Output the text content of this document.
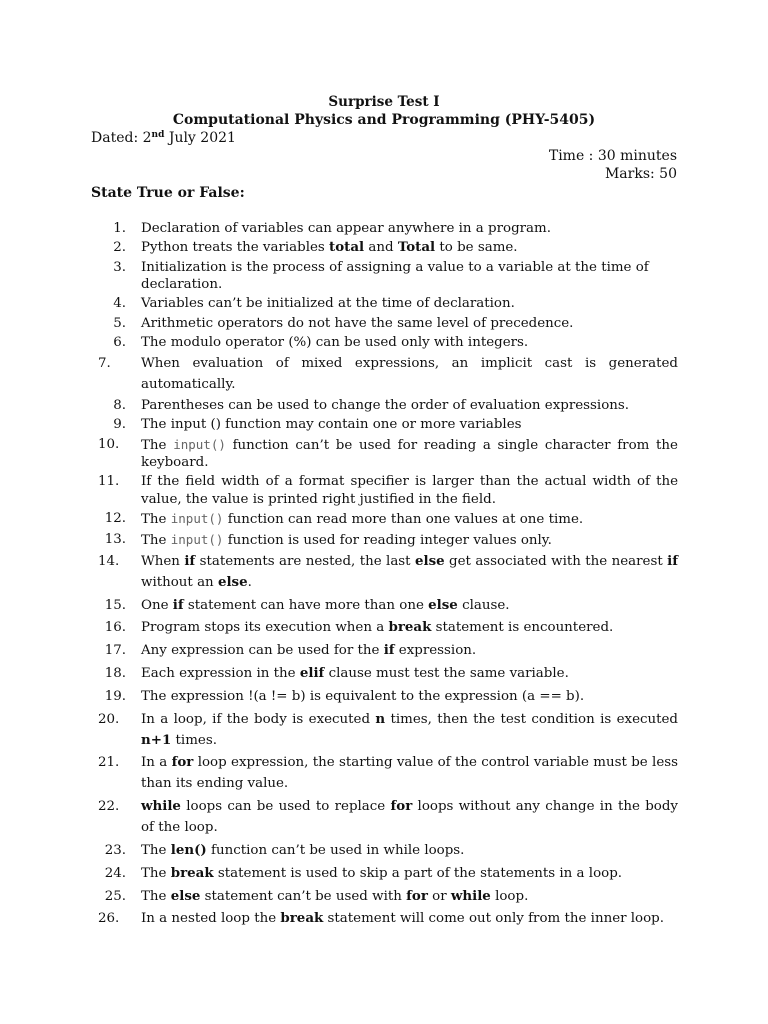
Surprise Test I
Computational Physics and Programming (PHY-5405)
Dated: 2nd July 2021
Time : 30 minutes
Marks: 50
State True or False:
1 .	Declaration of variables can appear anywhere in a program.
2 .	Python treats the variables total and Total to be same.
3 .	Initialization is the process of assigning a value to a variable at the time of declaration.
4 .	Variables can’t be initialized at the time of declaration.
5 .	Arithmetic operators do not have the same level of precedence.
6 .	The modulo operator (%) can be used only with integers.
7 .	When evaluation of mixed expressions, an implicit cast is generated automatically.
8 .	Parentheses can be used to change the order of evaluation expressions.
9 .	The input () function may contain one or more variables
10 .	The input() function can’t be used for reading a single character from the keyboard.
11 .	If the field width of a format specifier is larger than the actual width of the value, the value is printed right justified in the field.
12 .	The input() function can read more than one values at one time.
13 .	The input() function is used for reading integer values only.
14 .	When if statements are nested, the last else get associated with the nearest if without an else.
15 .	One if statement can have more than one else clause.
16 .	Program stops its execution when a break statement is encountered.
17 .	Any expression can be used for the if expression.
18 .	Each expression in the elif clause must test the same variable.
19 .	The expression !(a != b) is equivalent to the expression (a == b).
20 .	In a loop, if the body is executed n times, then the test condition is executed n+1 times.
21 .	In a for loop expression, the starting value of the control variable must be less than its ending value.
22 .	while loops can be used to replace for loops without any change in the body of the loop.
23 .	The len() function can’t be used in while loops.
24 .	The break statement is used to skip a part of the statements in a loop.
25 .	The else statement can’t be used with for or while loop.
26 .	In a nested loop the break statement will come out only from the inner loop.
